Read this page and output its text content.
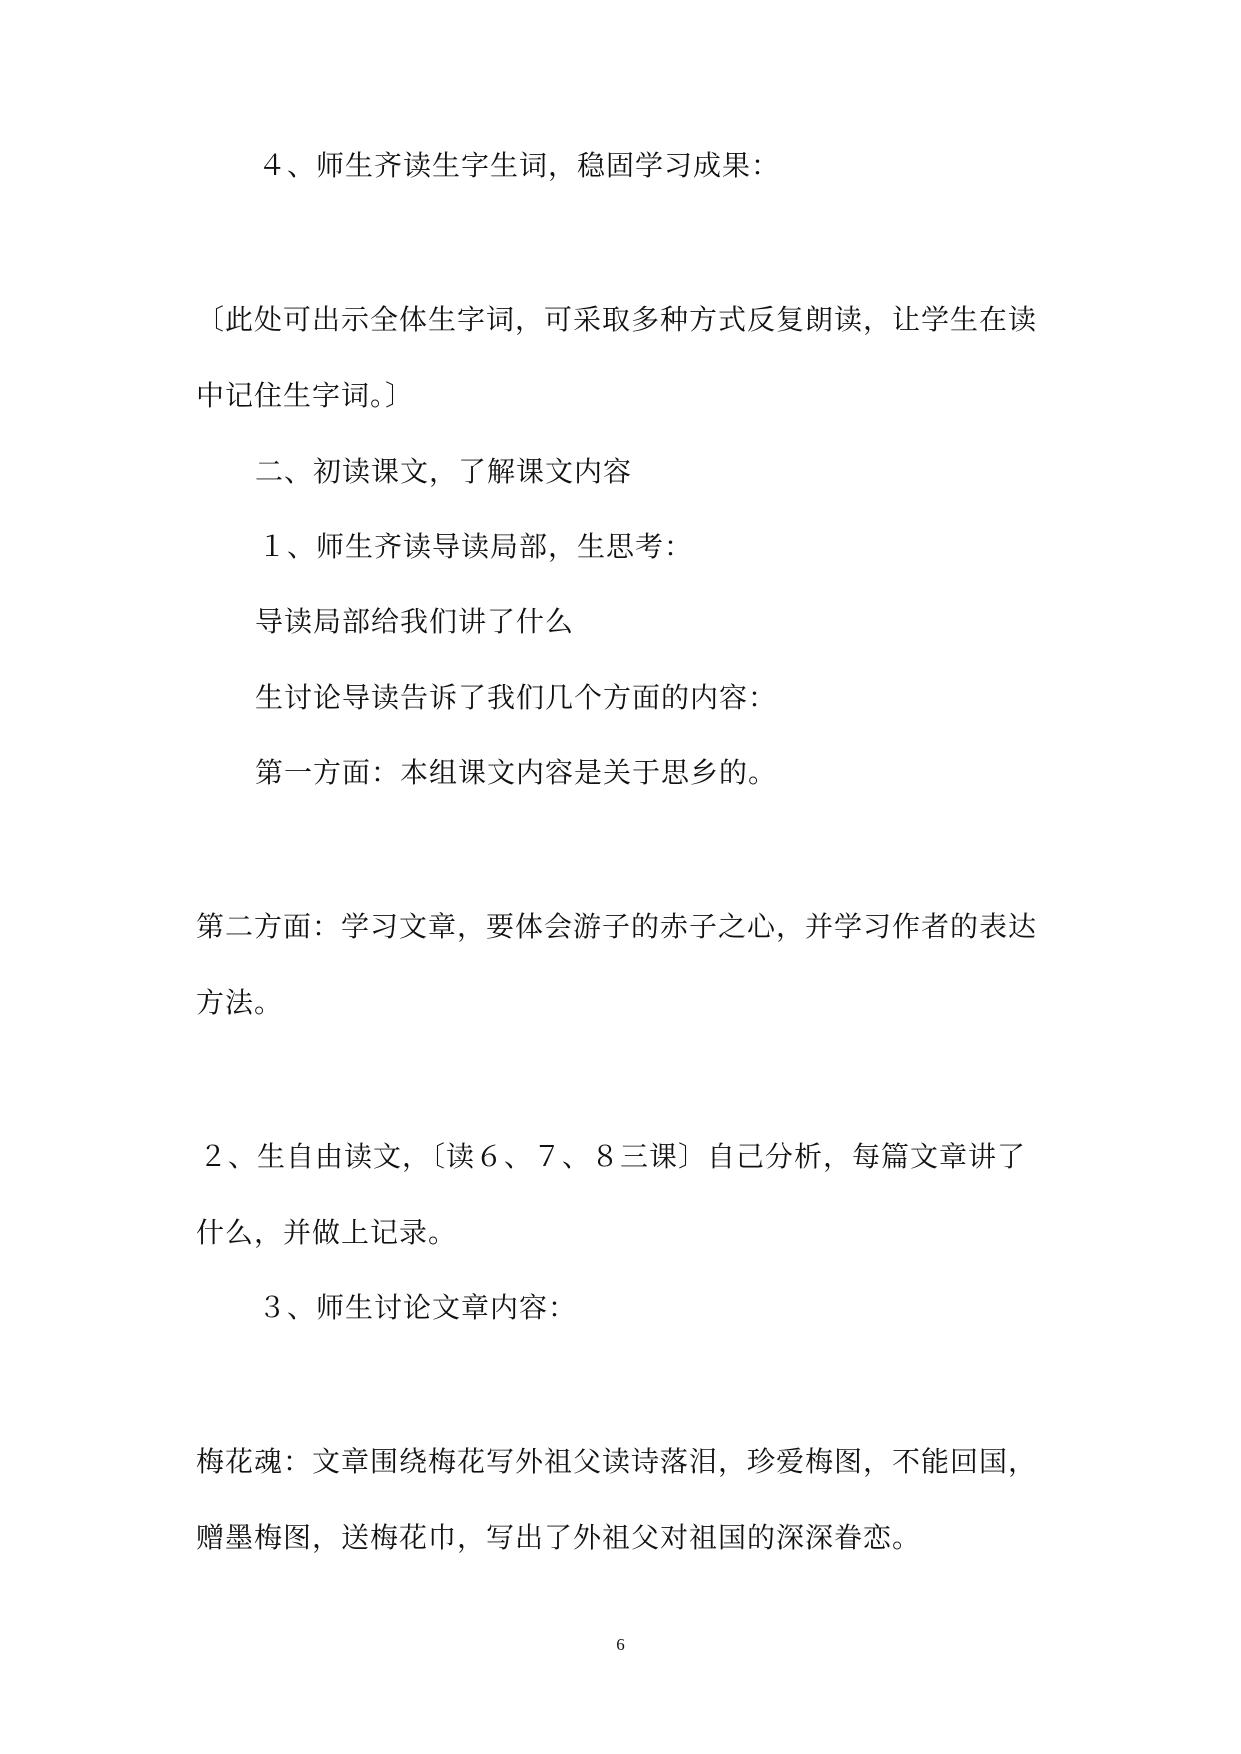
４、师生齐读生字生词，稳固学习成果：
〔此处可出示全体生字词，可采取多种方式反复朗读，让学生在读
中记住生字词。〕
二、初读课文，了解课文内容
１、师生齐读导读局部，生思考：
导读局部给我们讲了什么
生讨论导读告诉了我们几个方面的内容：
第一方面：本组课文内容是关于思乡的。
第二方面：学习文章，要体会游子的赤子之心，并学习作者的表达
方法。
２、生自由读文，〔读６、７、８三课〕自己分析，每篇文章讲了
什么，并做上记录。
３、师生讨论文章内容：
梅花魂：文章围绕梅花写外祖父读诗落泪，珍爱梅图，不能回国，
赠墨梅图，送梅花巾，写出了外祖父对祖国的深深眷恋。
6
